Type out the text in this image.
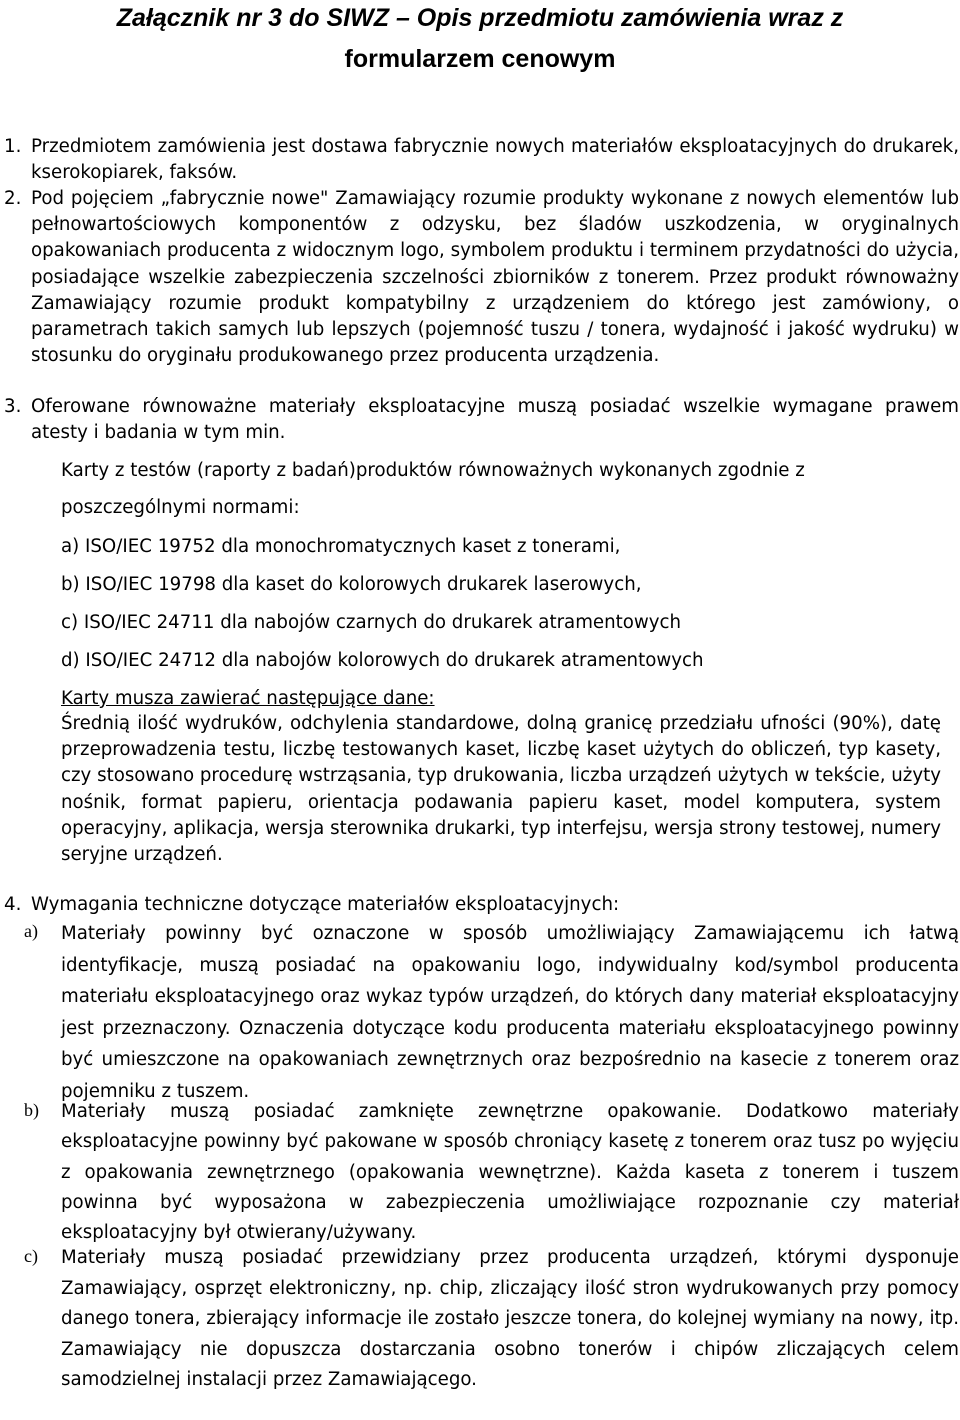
Załącznik nr 3 do SIWZ – Opis przedmiotu zamówienia wraz z
formularzem cenowym
1. Przedmiotem zamówienia jest dostawa fabrycznie nowych materiałów eksploatacyjnych do drukarek, kserokopiarek, faksów.

2. Pod pojęciem „fabrycznie nowe" Zamawiający rozumie produkty wykonane z nowych elementów lub pełnowartościowych komponentów z odzysku, bez śladów uszkodzenia, w oryginalnych opakowaniach producenta z widocznym logo, symbolem produktu i terminem przydatności do użycia, posiadające wszelkie zabezpieczenia szczelności zbiorników z tonerem. Przez produkt równoważny Zamawiający rozumie produkt kompatybilny z urządzeniem do którego jest zamówiony, o parametrach takich samych lub lepszych (pojemność tuszu / tonera, wydajność i jakość wydruku) w stosunku do oryginału produkowanego przez producenta urządzenia.

3. Oferowane równoważne materiały eksploatacyjne muszą posiadać wszelkie wymagane prawem atesty i badania w tym min.

Karty z testów (raporty z badań)produktów równoważnych wykonanych zgodnie z

poszczególnymi normami:

a) ISO/IEC 19752 dla monochromatycznych kaset z tonerami,

b) ISO/IEC 19798 dla kaset do kolorowych drukarek laserowych,

c) ISO/IEC 24711 dla nabojów czarnych do drukarek atramentowych

d) ISO/IEC 24712 dla nabojów kolorowych do drukarek atramentowych

Karty musza zawierać następujące dane:

Średnią ilość wydruków, odchylenia standardowe, dolną granicę przedziału ufności (90%), datę przeprowadzenia testu, liczbę testowanych kaset, liczbę kaset użytych do obliczeń, typ kasety, czy stosowano procedurę wstrząsania, typ drukowania, liczba urządzeń użytych w tekście, użyty nośnik, format papieru, orientacja podawania papieru kaset, model komputera, system operacyjny, aplikacja, wersja sterownika drukarki, typ interfejsu, wersja strony testowej, numery seryjne urządzeń.

4. Wymagania techniczne dotyczące materiałów eksploatacyjnych:

a) Materiały powinny być oznaczone w sposób umożliwiający Zamawiającemu ich łatwą identyfikacje, muszą posiadać na opakowaniu logo, indywidualny kod/symbol producenta materiału eksploatacyjnego oraz wykaz typów urządzeń, do których dany materiał eksploatacyjny jest przeznaczony. Oznaczenia dotyczące kodu producenta materiału eksploatacyjnego powinny być umieszczone na opakowaniach zewnętrznych oraz bezpośrednio na kasecie z tonerem oraz pojemniku z tuszem.

b) Materiały muszą posiadać zamknięte zewnętrzne opakowanie. Dodatkowo materiały eksploatacyjne powinny być pakowane w sposób chroniący kasetę z tonerem oraz tusz po wyjęciu z opakowania zewnętrznego (opakowania wewnętrzne). Każda kaseta z tonerem i tuszem powinna być wyposażona w zabezpieczenia umożliwiające rozpoznanie czy materiał eksploatacyjny był otwierany/używany.

c) Materiały muszą posiadać przewidziany przez producenta urządzeń, którymi dysponuje Zamawiający, osprzęt elektroniczny, np. chip, zliczający ilość stron wydrukowanych przy pomocy danego tonera, zbierający informacje ile zostało jeszcze tonera, do kolejnej wymiany na nowy, itp. Zamawiający nie dopuszcza dostarczania osobno tonerów i chipów zliczających celem samodzielnej instalacji przez Zamawiającego.
